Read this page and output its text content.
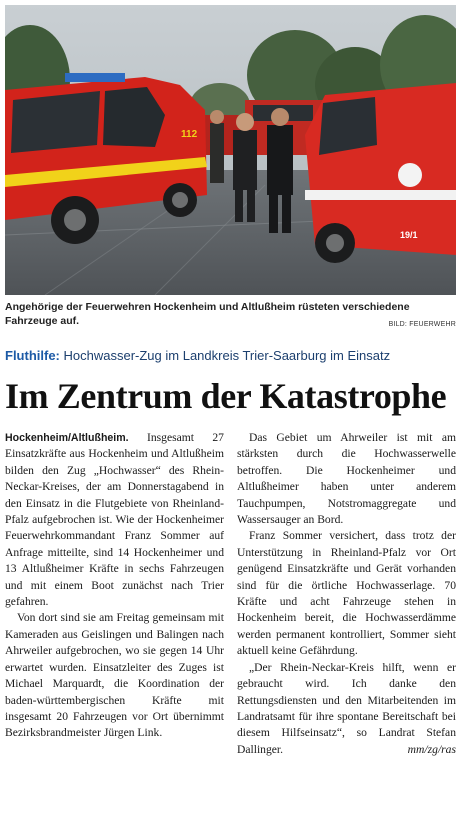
112
19/1
Angehörige der Feuerwehren Hockenheim und Altlußheim rüsteten verschiedene Fahrzeuge auf.	BILD: FEUERWEHR
Fluthilfe: Hochwasser-Zug im Landkreis Trier-Saarburg im Einsatz
Im Zentrum der Katastrophe

Hockenheim/Altlußheim. Insgesamt 27 Einsatzkräfte aus Hockenheim und Altlußheim bilden den Zug „Hochwasser“ des Rhein-Neckar-Kreises, der am Donnerstagabend in den Einsatz in die Flutgebiete von Rheinland-Pfalz aufgebrochen ist. Wie der Hockenheimer Feuerwehrkommandant Franz Sommer auf Anfrage mitteilte, sind 14 Hockenheimer und 13 Altlußheimer Kräfte in sechs Fahrzeugen und mit einem Boot zunächst nach Trier gefahren.

Von dort sind sie am Freitag gemeinsam mit Kameraden aus Geislingen und Balingen nach Ahrweiler aufgebrochen, wo sie gegen 14 Uhr erwartet wurden. Einsatzleiter des Zuges ist Michael Marquardt, die Koordination der baden-württembergischen Kräfte mit insgesamt 20 Fahrzeugen vor Ort übernimmt Bezirksbrandmeister Jürgen Link.

Das Gebiet um Ahrweiler ist mit am stärksten durch die Hochwasserwelle betroffen. Die Hockenheimer und Altlußheimer haben unter anderem Tauchpumpen, Notstromaggregate und Wassersauger an Bord.

Franz Sommer versichert, dass trotz der Unterstützung in Rheinland-Pfalz vor Ort genügend Einsatzkräfte und Gerät vorhanden sind für die örtliche Hochwasserlage. 70 Kräfte und acht Fahrzeuge stehen in Hockenheim bereit, die Hochwasserdämme werden permanent kontrolliert, Sommer sieht aktuell keine Gefährdung.

„Der Rhein-Neckar-Kreis hilft, wenn er gebraucht wird. Ich danke den Rettungsdiensten und den Mitarbeitenden im Landratsamt für ihre spontane Bereitschaft bei diesem Hilfseinsatz“, so Landrat Stefan Dallinger.	mm/zg/ras
